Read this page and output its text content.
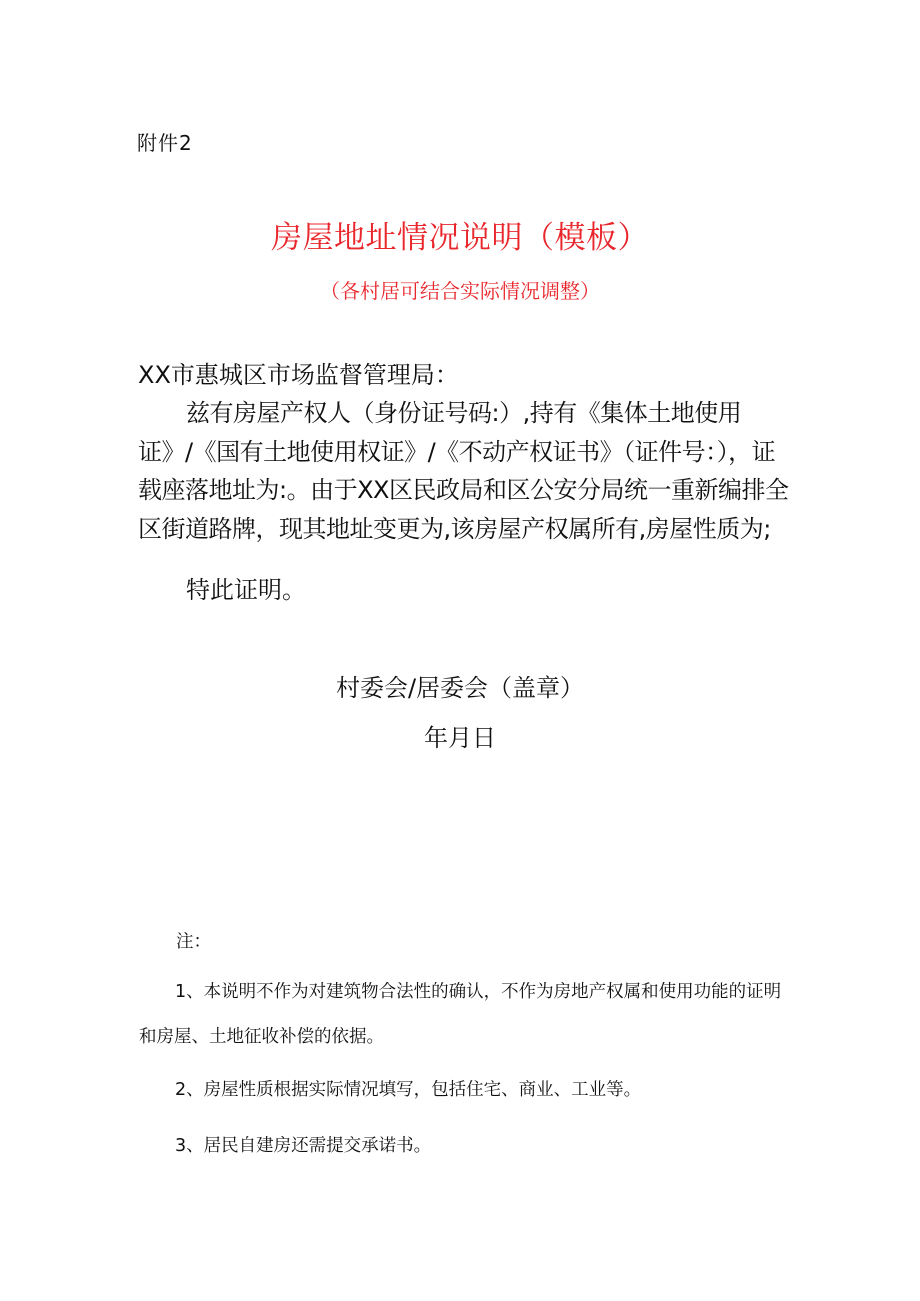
附件2
房屋地址情况说明（模板）
（各村居可结合实际情况调整）
XX市惠城区市场监督管理局：
兹有房屋产权人（身份证号码:）,持有《集体土地使用证》/《国有土地使用权证》/《不动产权证书》（证件号：），证载座落地址为:。由于XX区民政局和区公安分局统一重新编排全区街道路牌，现其地址变更为,该房屋产权属所有,房屋性质为;
特此证明。
村委会/居委会（盖章）
年月日
注：
1、本说明不作为对建筑物合法性的确认，不作为房地产权属和使用功能的证明和房屋、土地征收补偿的依据。
2、房屋性质根据实际情况填写，包括住宅、商业、工业等。
3、居民自建房还需提交承诺书。
